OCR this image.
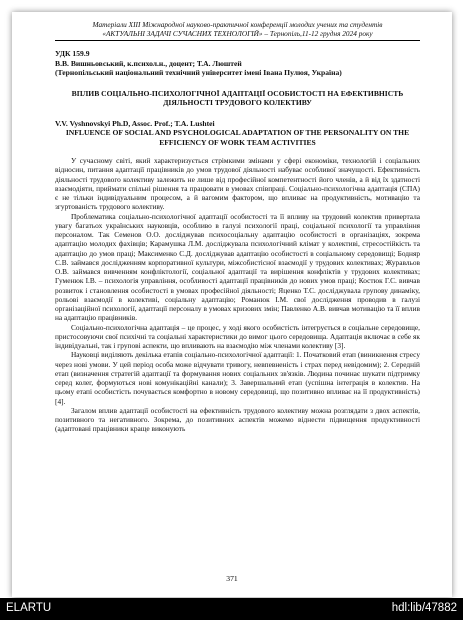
Матеріали XIII Міжнародної науково-практичної конференції молодих учених та студентів

«АКТУАЛЬНІ ЗАДАЧІ СУЧАСНИХ ТЕХНОЛОГІЙ» – Тернопіль,11-12 грудня 2024 року

УДК 159.9

В.В. Вишньовський, к.психол.н., доцент; Т.А. Люштей

(Тернопільський національний технічний університет імені Івана Пулюя, Україна)

ВПЛИВ СОЦІАЛЬНО-ПСИХОЛОГІЧНОЇ АДАПТАЦІЇ ОСОБИСТОСТІ НА ЕФЕКТИВНІСТЬ ДІЯЛЬНОСТІ ТРУДОВОГО КОЛЕКТИВУ

V.V. Vyshnovskyi Ph.D, Assoc. Prof.; T.A. Lushtei

INFLUENCE OF SOCIAL AND PSYCHOLOGICAL ADAPTATION OF THE PERSONALITY ON THE EFFICIENCY OF WORK TEAM ACTIVITIES

У сучасному світі, який характеризується стрімкими змінами у сфері економіки, технологій і соціальних відносин, питання адаптації працівників до умов трудової діяльності набуває особливої значущості. Ефективність діяльності трудового колективу залежить не лише від професійної компетентності його членів, а й від їх здатності взаємодіяти, приймати спільні рішення та працювати в умовах співпраці. Соціально-психологічна адаптація (СПА) є не тільки індивідуальним процесом, а й вагомим фактором, що впливає на продуктивність, мотивацію та згуртованість трудового колективу.

Проблематика соціально-психологічної адаптації особистості та її впливу на трудовий колектив привертала увагу багатьох українських науковців, особливо в галузі психології праці, соціальної психології та управління персоналом. Так Семенов О.О. досліджував психосоціальну адаптацію особистості в організаціях, зокрема адаптацію молодих фахівців; Карамушка Л.М. досліджувала психологічний клімат у колективі, стресостійкість та адаптацію до умов праці; Максименко С.Д. досліджував адаптацію особистості в соціальному середовищі; Бодняр С.В. займався дослідженням корпоративної культури, міжсобистісної взаємодії у трудових колективах; Журавльов О.В. займався вивченням конфліктології, соціальної адаптації та вирішення конфліктів у трудових колективах; Гуменюк І.В. – психологія управління, особливості адаптації працівників до нових умов праці; Костюк Г.С. вивчав розвиток і становлення особистості в умовах професійної діяльності; Яценко Т.С. досліджувала групову динаміку, рольові взаємодії в колективі, соціальну адаптацію; Романюк І.М. свої дослідження проводив в галузі організаційної психології, адаптації персоналу в умовах кризових змін; Павленко А.В. вивчав мотивацію та її вплив на адаптацію працівників.

Соціально-психологічна адаптація – це процес, у ході якого особистість інтегрується в соціальне середовище, пристосовуючи свої психічні та соціальні характеристики до вимог цього середовища. Адаптація включає в себе як індивідуальні, так і групові аспекти, що впливають на взаємодію між членами колективу [3].

Науковці виділяють декілька етапів соціально-психологічної адаптації: 1. Початковий етап (виникнення стресу через нові умови. У цей період особа може відчувати тривогу, невпевненість і страх перед невідомим); 2. Середній етап (визначення стратегій адаптації та формування нових соціальних зв'язків. Людина починає шукати підтримку серед колег, формуються нові комунікаційні канали); 3. Завершальний етап (успішна інтеграція в колектив. На цьому етапі особистість почувається комфортно в новому середовищі, що позитивно впливає на її продуктивність) [4].

Загалом вплив адаптації особистості на ефективність трудового колективу можна розглядати з двох аспектів, позитивного та негативного. Зокрема, до позитивних аспектів можемо віднести підвищення продуктивності (адаптовані працівники краще виконують

371
ELARTU	hdl:lib/47882
